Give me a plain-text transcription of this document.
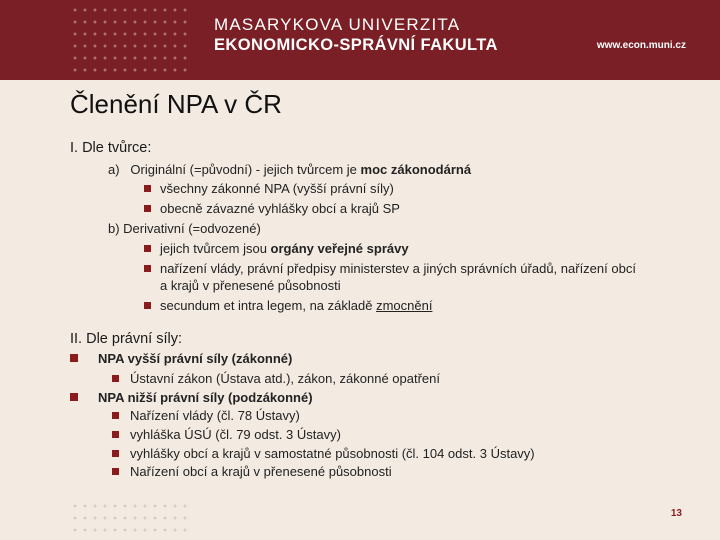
MASARYKOVA UNIVERZITA
EKONOMICKO-SPRÁVNÍ FAKULTA	www.econ.muni.cz
Členění NPA v ČR
I. Dle tvůrce:
a)   Originální (=původní) - jejich tvůrcem je moc zákonodárná
všechny zákonné NPA (vyšší právní síly)
obecně závazné vyhlášky obcí a krajů SP
b) Derivativní (=odvozené)
jejich tvůrcem jsou orgány veřejné správy
nařízení vlády, právní předpisy ministerstev a jiných správních úřadů, nařízení obcí
a krajů v přenesené působnosti
secundum et intra legem, na základě zmocnění
II. Dle právní síly:
NPA vyšší právní síly (zákonné)
Ústavní zákon (Ústava atd.), zákon, zákonné opatření
NPA nižší právní síly (podzákonné)
Nařízení vlády (čl. 78 Ústavy)
vyhláška ÚSÚ (čl. 79 odst. 3 Ústavy)
vyhlášky obcí a krajů v samostatné působnosti (čl. 104 odst. 3 Ústavy)
Nařízení obcí a krajů v přenesené působnosti
13
